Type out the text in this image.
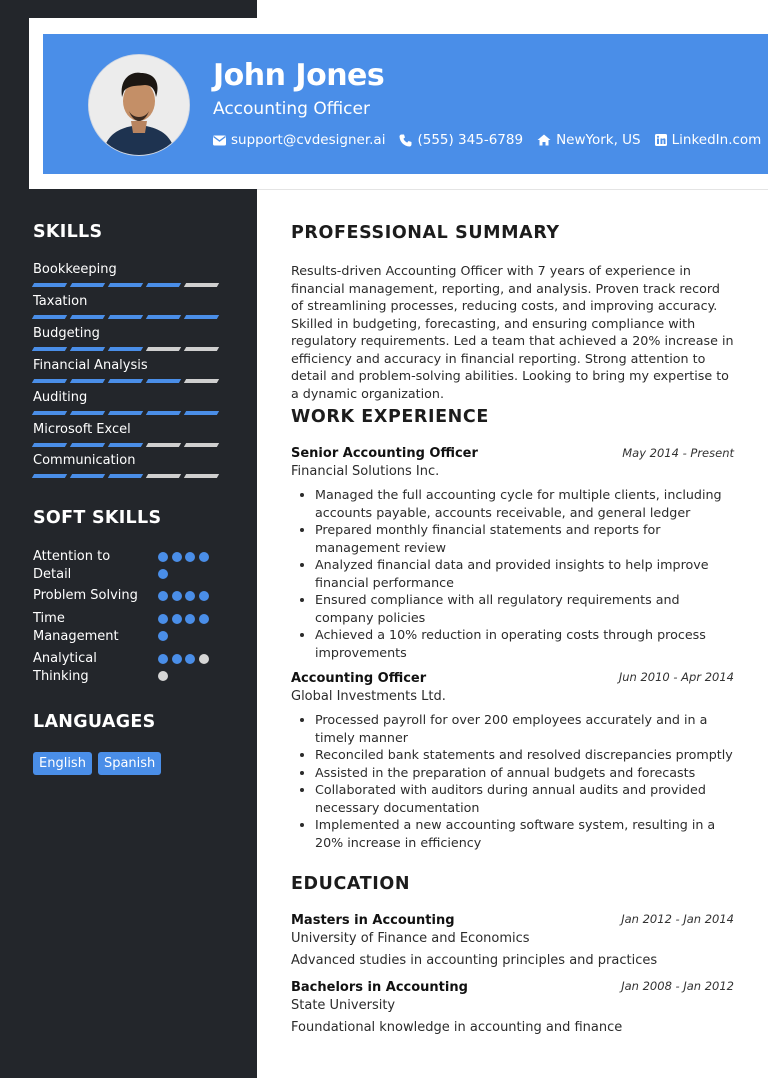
John Jones
Accounting Officer
support@cvdesigner.ai (555) 345-6789 NewYork, US LinkedIn.com
SKILLS
Bookkeeping
Taxation
Budgeting
Financial Analysis
Auditing
Microsoft Excel
Communication
SOFT SKILLS
Attention to Detail
Problem Solving
Time Management
Analytical Thinking
LANGUAGES
English	Spanish
PROFESSIONAL SUMMARY
Results-driven Accounting Officer with 7 years of experience in financial management, reporting, and analysis. Proven track record of streamlining processes, reducing costs, and improving accuracy. Skilled in budgeting, forecasting, and ensuring compliance with regulatory requirements. Led a team that achieved a 20% increase in efficiency and accuracy in financial reporting. Strong attention to detail and problem-solving abilities. Looking to bring my expertise to a dynamic organization.
WORK EXPERIENCE
Senior Accounting Officer	May 2014 - Present
Financial Solutions Inc.
• Managed the full accounting cycle for multiple clients, including accounts payable, accounts receivable, and general ledger
• Prepared monthly financial statements and reports for management review
• Analyzed financial data and provided insights to help improve financial performance
• Ensured compliance with all regulatory requirements and company policies
• Achieved a 10% reduction in operating costs through process improvements
Accounting Officer	Jun 2010 - Apr 2014
Global Investments Ltd.
• Processed payroll for over 200 employees accurately and in a timely manner
• Reconciled bank statements and resolved discrepancies promptly
• Assisted in the preparation of annual budgets and forecasts
• Collaborated with auditors during annual audits and provided necessary documentation
• Implemented a new accounting software system, resulting in a 20% increase in efficiency
EDUCATION
Masters in Accounting	Jan 2012 - Jan 2014
University of Finance and Economics
Advanced studies in accounting principles and practices
Bachelors in Accounting	Jan 2008 - Jan 2012
State University
Foundational knowledge in accounting and finance
